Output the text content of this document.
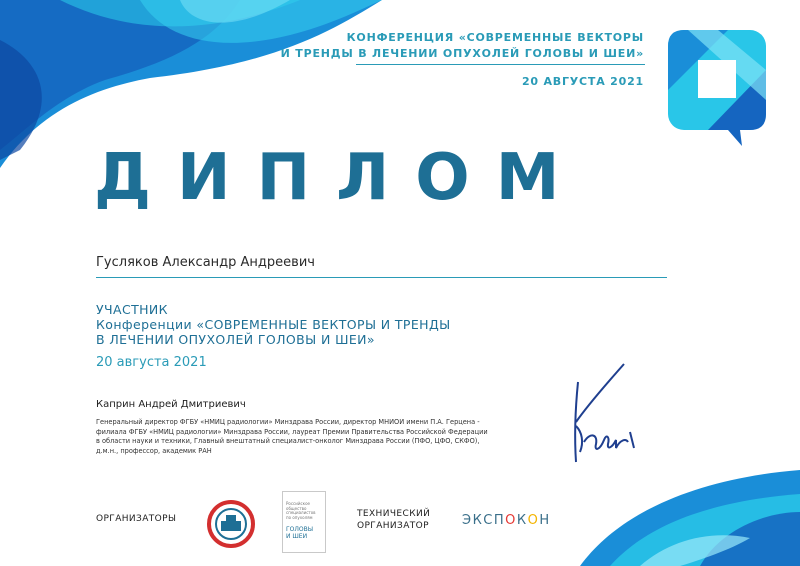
КОНФЕРЕНЦИЯ «СОВРЕМЕННЫЕ ВЕКТОРЫ
И ТРЕНДЫ В ЛЕЧЕНИИ ОПУХОЛЕЙ ГОЛОВЫ И ШЕИ»
20 АВГУСТА 2021
ДИПЛОМ
Гусляков Александр Андреевич
УЧАСТНИК
Конференции «СОВРЕМЕННЫЕ ВЕКТОРЫ И ТРЕНДЫ
В ЛЕЧЕНИИ ОПУХОЛЕЙ ГОЛОВЫ И ШЕИ»
20 августа 2021
Каприн Андрей Дмитриевич
Генеральный директор ФГБУ «НМИЦ радиологии» Минздрава России, директор МНИОИ имени П.А. Герцена -
филиала ФГБУ «НМИЦ радиологии» Минздрава России, лауреат Премии Правительства Российской Федерации
в области науки и техники, Главный внештатный специалист-онколог Минздрава России (ПФО, ЦФО, СКФО),
д.м.н., профессор, академик РАН
ОРГАНИЗАТОРЫ
Российское
общество
специалистов
по опухолям
ГОЛОВЫ
И ШЕИ
ТЕХНИЧЕСКИЙ
ОРГАНИЗАТОР	ЭКСПОКОН
